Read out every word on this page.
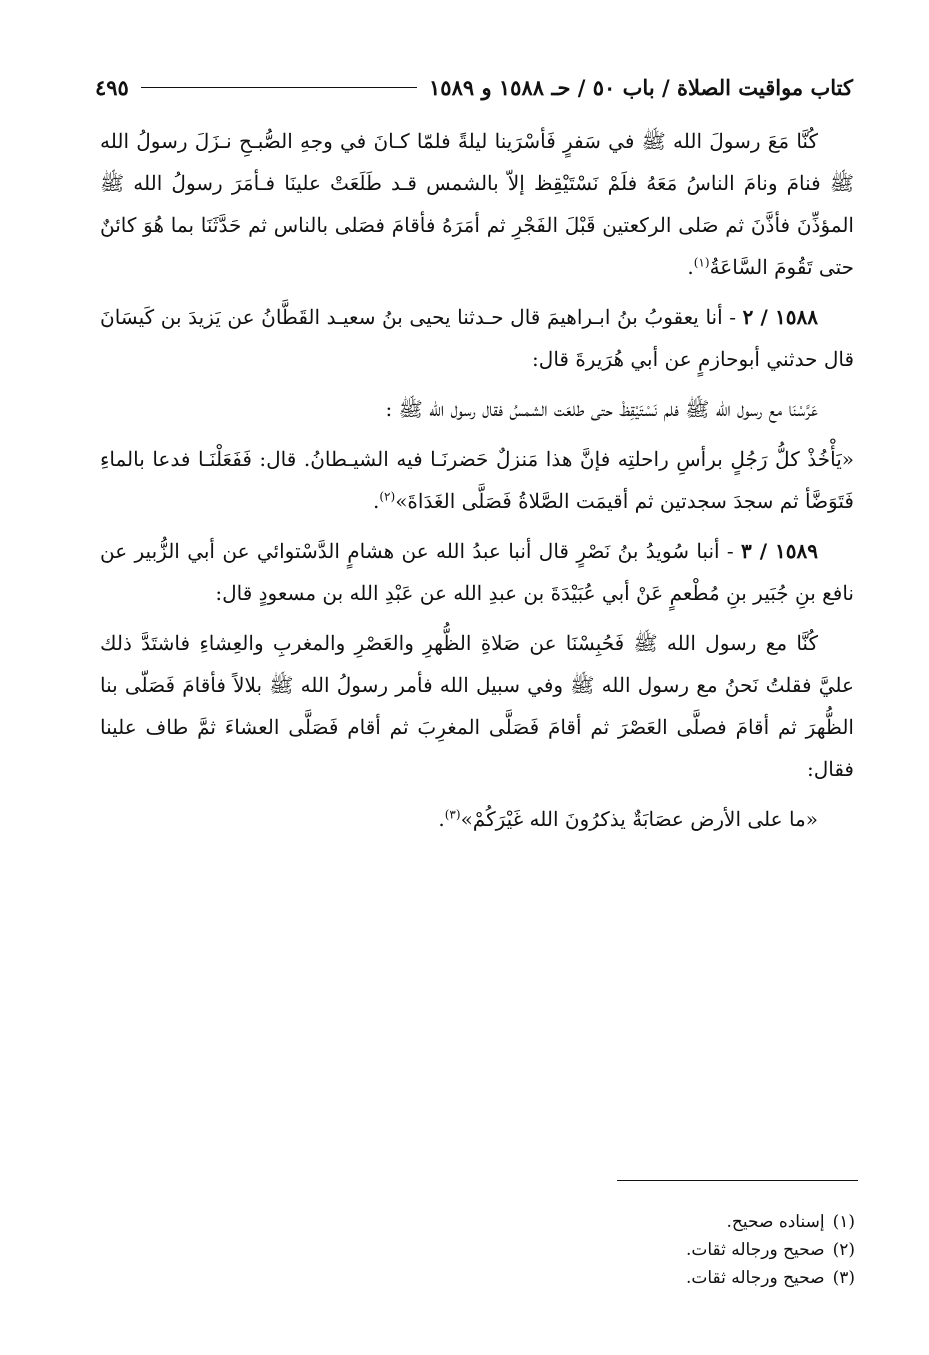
كتاب مواقيت الصلاة / باب ٥٠ / حـ ١٥٨٨ و ١٥٨٩
٤٩٥

كُنَّا مَعَ رسولَ الله ﷺ في سَفرٍ فَأسْرَينا ليلةً فلمّا كـانَ في وجهِ الصُّبـحِ نـزَلَ رسولُ الله ﷺ فنامَ ونامَ الناسُ مَعَهُ فلَمْ نَسْتَيْقِظ إلاّ بالشمس قـد طَلَعَتْ علينَا فـأمَرَ رسولُ الله ﷺ المؤذِّنَ فأذَّنَ ثم صَلى الركعتين قَبْلَ الفَجْرِ ثم أمَرَهُ فأقامَ فصَلى بالناس ثم حَدَّثَنَا بما هُوَ كائنٌ حتى تَقُومَ السَّاعَةُ$^{(١)}$.

١٥٨٨ / ٢ - أنا يعقوبُ بنُ ابـراهيمَ قال حـدثنا يحيى بنُ سعيـد القَطَّانُ عن يَزيدَ بن كَيسَانَ قال حدثني أبوحازمٍ عن أبي هُرَيرةَ قال:

عَرَّسْنَا مع رسول الله ﷺ فلم نَسْتَيْقِظْ حتى طلعَت الشمسُ فقال رسول الله ﷺ :

«يَأْخُذْ كلُّ رَجُلٍ برأسِ راحلتِه فإنَّ هذا مَنزلٌ حَضرنَـا فيه الشيـطانُ. قال: فَفَعَلْنَـا فدعا بالماءِ فَتَوَضَّأ ثم سجدَ سجدتين ثم أقيمَت الصَّلاةُ فَصَلَّى الغَدَاةَ»$^{(٢)}$.

١٥٨٩ / ٣ - أنبا سُويدُ بنُ نَصْرٍ قال أنبا عبدُ الله عن هشامٍ الدَّسْتوائي عن أبي الزُّبير عن نافع بنِ جُبَير بنِ مُطْعمٍ عَنْ أبي عُبَيْدَةَ بن عبدِ الله عن عَبْدِ الله بن مسعودٍ قال:

كُنَّا مع رسول الله ﷺ فَحُبِسْنَا عن صَلاةِ الظُّهرِ والعَصْرِ والمغربِ والعِشاءِ فاشتَدَّ ذلك عليَّ فقلتُ نَحنُ مع رسول الله ﷺ وفي سبيل الله فأمر رسولُ الله ﷺ بلالاً فأقامَ فَصَلّى بنا الظُّهرَ ثم أقامَ فصلَّى العَصْرَ ثم أقامَ فَصَلَّى المغرِبَ ثم أقام فَصَلَّى العشاءَ ثمَّ طاف علينا فقال:

«ما على الأرض عصَابَةٌ يذكرُونَ الله غَيْرَكُمْ»$^{(٣)}$.

(١)إسناده صحيح.
(٢)صحيح ورجاله ثقات.
(٣)صحيح ورجاله ثقات.
